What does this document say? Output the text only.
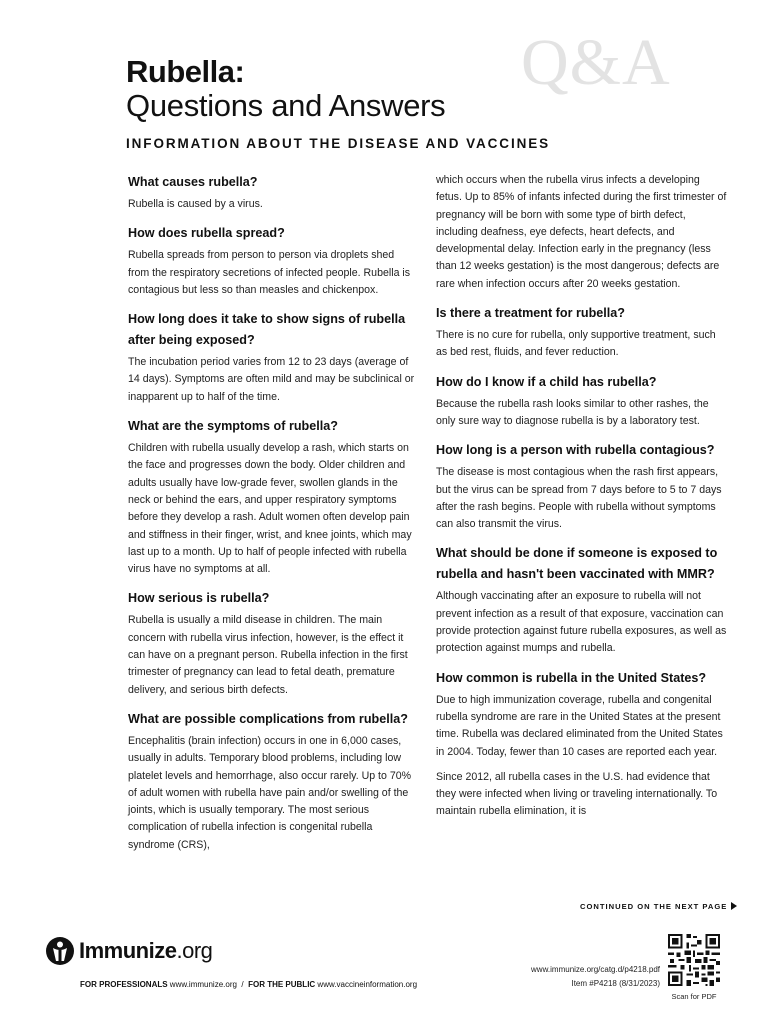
Q&A
Rubella:
Questions and Answers
INFORMATION ABOUT THE DISEASE AND VACCINES
What causes rubella?
Rubella is caused by a virus.
How does rubella spread?
Rubella spreads from person to person via droplets shed from the respiratory secretions of infected people. Rubella is contagious but less so than measles and chickenpox.
How long does it take to show signs of rubella after being exposed?
The incubation period varies from 12 to 23 days (average of 14 days). Symptoms are often mild and may be subclinical or inapparent up to half of the time.
What are the symptoms of rubella?
Children with rubella usually develop a rash, which starts on the face and progresses down the body. Older children and adults usually have low-grade fever, swollen glands in the neck or behind the ears, and upper respiratory symptoms before they develop a rash. Adult women often develop pain and stiffness in their finger, wrist, and knee joints, which may last up to a month. Up to half of people infected with rubella virus have no symptoms at all.
How serious is rubella?
Rubella is usually a mild disease in children. The main concern with rubella virus infection, however, is the effect it can have on a pregnant person. Rubella infection in the first trimester of pregnancy can lead to fetal death, premature delivery, and serious birth defects.
What are possible complications from rubella?
Encephalitis (brain infection) occurs in one in 6,000 cases, usually in adults. Temporary blood problems, including low platelet levels and hemorrhage, also occur rarely. Up to 70% of adult women with rubella have pain and/or swelling of the joints, which is usually temporary. The most serious complication of rubella infection is congenital rubella syndrome (CRS),
which occurs when the rubella virus infects a developing fetus. Up to 85% of infants infected during the first trimester of pregnancy will be born with some type of birth defect, including deafness, eye defects, heart defects, and developmental delay. Infection early in the pregnancy (less than 12 weeks gestation) is the most dangerous; defects are rare when infection occurs after 20 weeks gestation.
Is there a treatment for rubella?
There is no cure for rubella, only supportive treatment, such as bed rest, fluids, and fever reduction.
How do I know if a child has rubella?
Because the rubella rash looks similar to other rashes, the only sure way to diagnose rubella is by a laboratory test.
How long is a person with rubella contagious?
The disease is most contagious when the rash first appears, but the virus can be spread from 7 days before to 5 to 7 days after the rash begins. People with rubella without symptoms can also transmit the virus.
What should be done if someone is exposed to rubella and hasn't been vaccinated with MMR?
Although vaccinating after an exposure to rubella will not prevent infection as a result of that exposure, vaccination can provide protection against future rubella exposures, as well as protection against mumps and rubella.
How common is rubella in the United States?
Due to high immunization coverage, rubella and congenital rubella syndrome are rare in the United States at the present time. Rubella was declared eliminated from the United States in 2004. Today, fewer than 10 cases are reported each year.
Since 2012, all rubella cases in the U.S. had evidence that they were infected when living or traveling internationally. To maintain rubella elimination, it is
CONTINUED ON THE NEXT PAGE
Immunize.org
FOR PROFESSIONALS www.immunize.org / FOR THE PUBLIC www.vaccineinformation.org
www.immunize.org/catg.d/p4218.pdf
Item #P4218 (8/31/2023)
Scan for PDF
